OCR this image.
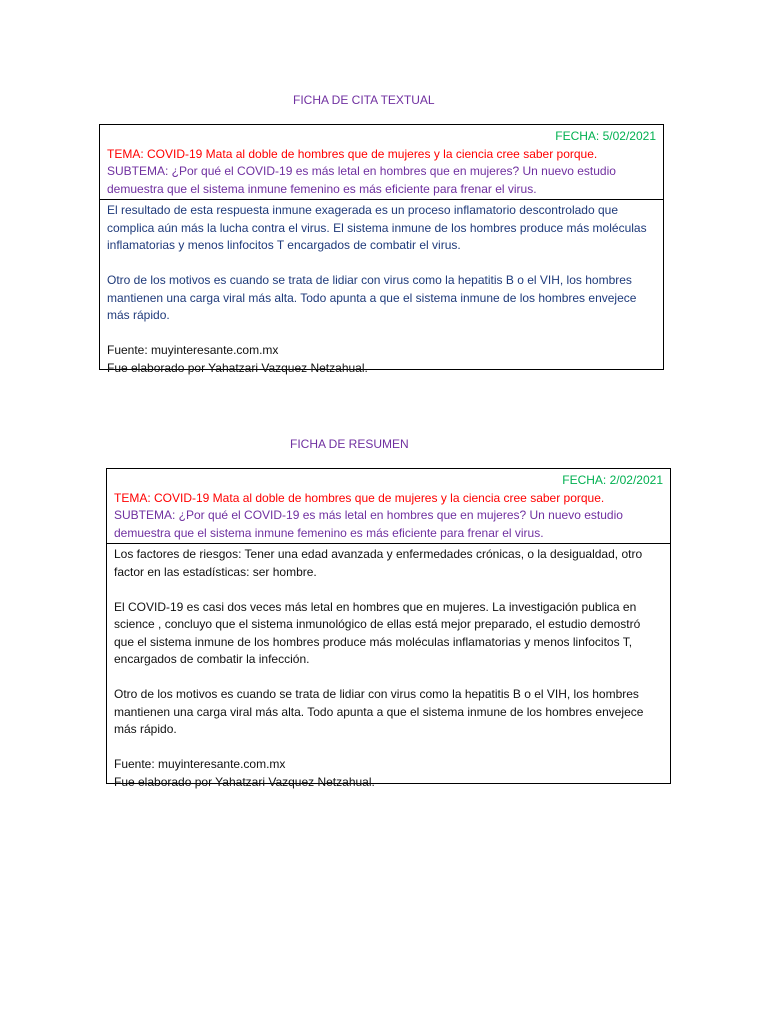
FICHA DE CITA TEXTUAL
FECHA: 5/02/2021
TEMA: COVID-19 Mata al doble de hombres que de mujeres y la ciencia cree saber porque.
SUBTEMA: ¿Por qué el COVID-19 es más letal en hombres que en mujeres? Un nuevo estudio demuestra que el sistema inmune femenino es más eficiente para frenar el virus.

El resultado de esta respuesta inmune exagerada es un proceso inflamatorio descontrolado que complica aún más la lucha contra el virus. El sistema inmune de los hombres produce más moléculas inflamatorias y menos linfocitos T encargados de combatir el virus.

Otro de los motivos es cuando se trata de lidiar con virus como la hepatitis B o el VIH, los hombres mantienen una carga viral más alta. Todo apunta a que el sistema inmune de los hombres envejece más rápido.

Fuente: muyinteresante.com.mx
Fue elaborado por Yahatzari Vazquez Netzahual.
FICHA DE RESUMEN
FECHA: 2/02/2021
TEMA: COVID-19 Mata al doble de hombres que de mujeres y la ciencia cree saber porque.
SUBTEMA: ¿Por qué el COVID-19 es más letal en hombres que en mujeres? Un nuevo estudio demuestra que el sistema inmune femenino es más eficiente para frenar el virus.

Los factores de riesgos: Tener una edad avanzada y enfermedades crónicas, o la desigualdad, otro factor en las estadísticas: ser hombre.

El COVID-19 es casi dos veces más letal en hombres que en mujeres. La investigación publica en science , concluyo que el sistema inmunológico de ellas está mejor preparado, el estudio demostró que el sistema inmune de los hombres produce más moléculas inflamatorias y menos linfocitos T, encargados de combatir la infección.

Otro de los motivos es cuando se trata de lidiar con virus como la hepatitis B o el VIH, los hombres mantienen una carga viral más alta. Todo apunta a que el sistema inmune de los hombres envejece más rápido.

Fuente: muyinteresante.com.mx
Fue elaborado por Yahatzari Vazquez Netzahual.
